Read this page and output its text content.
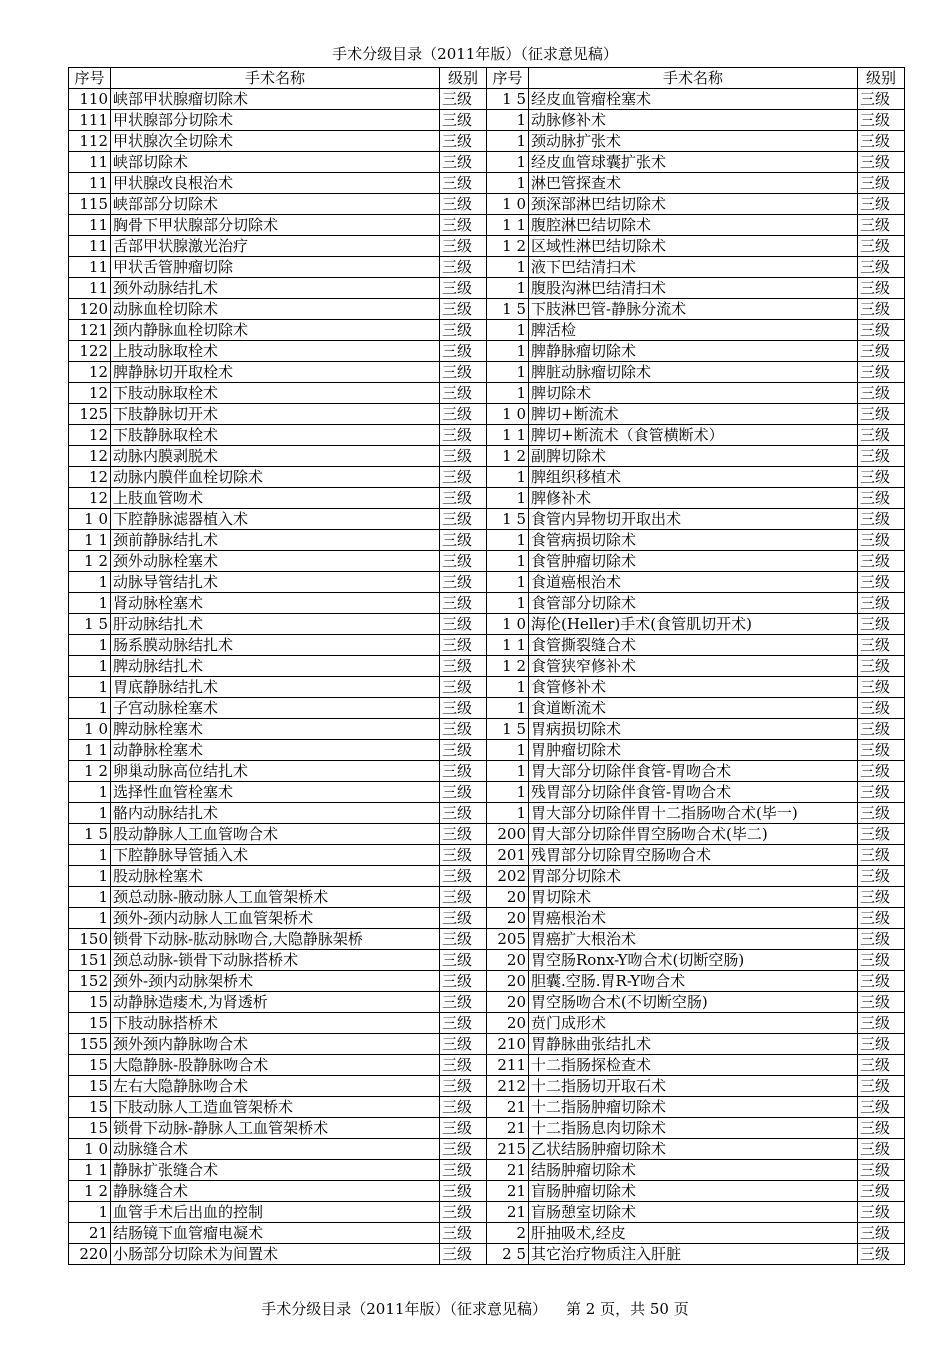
手术分级目录（2011年版）（征求意见稿）
序号	手术名称	级别	序号	手术名称	级别
110	峡部甲状腺瘤切除术	三级	1 5	经皮血管瘤栓塞术	三级
111	甲状腺部分切除术	三级	1	动脉修补术	三级
112	甲状腺次全切除术	三级	1	颈动脉扩张术	三级
11	峡部切除术	三级	1	经皮血管球囊扩张术	三级
11	甲状腺改良根治术	三级	1	淋巴管探查术	三级
115	峡部部分切除术	三级	1 0	颈深部淋巴结切除术	三级
11	胸骨下甲状腺部分切除术	三级	1 1	腹腔淋巴结切除术	三级
11	舌部甲状腺激光治疗	三级	1 2	区域性淋巴结切除术	三级
11	甲状舌管肿瘤切除	三级	1	液下巴结清扫术	三级
11	颈外动脉结扎术	三级	1	腹股沟淋巴结清扫术	三级
120	动脉血栓切除术	三级	1 5	下肢淋巴管-静脉分流术	三级
121	颈内静脉血栓切除术	三级	1	脾活检	三级
122	上肢动脉取栓术	三级	1	脾静脉瘤切除术	三级
12	脾静脉切开取栓术	三级	1	脾脏动脉瘤切除术	三级
12	下肢动脉取栓术	三级	1	脾切除术	三级
125	下肢静脉切开术	三级	1 0	脾切+断流术	三级
12	下肢静脉取栓术	三级	1 1	脾切+断流术（食管横断术）	三级
12	动脉内膜剥脱术	三级	1 2	副脾切除术	三级
12	动脉内膜伴血栓切除术	三级	1	脾组织移植术	三级
12	上肢血管吻术	三级	1	脾修补术	三级
1 0	下腔静脉滤器植入术	三级	1 5	食管内异物切开取出术	三级
1 1	颈前静脉结扎术	三级	1	食管病损切除术	三级
1 2	颈外动脉栓塞术	三级	1	食管肿瘤切除术	三级
1	动脉导管结扎术	三级	1	食道癌根治术	三级
1	肾动脉栓塞术	三级	1	食管部分切除术	三级
1 5	肝动脉结扎术	三级	1 0	海伦(Heller)手术(食管肌切开术)	三级
1	肠系膜动脉结扎术	三级	1 1	食管撕裂缝合术	三级
1	脾动脉结扎术	三级	1 2	食管狭窄修补术	三级
1	胃底静脉结扎术	三级	1	食管修补术	三级
1	子宫动脉栓塞术	三级	1	食道断流术	三级
1 0	脾动脉栓塞术	三级	1 5	胃病损切除术	三级
1 1	动静脉栓塞术	三级	1	胃肿瘤切除术	三级
1 2	卵巢动脉高位结扎术	三级	1	胃大部分切除伴食管-胃吻合术	三级
1	选择性血管栓塞术	三级	1	残胃部分切除伴食管-胃吻合术	三级
1	骼内动脉结扎术	三级	1	胃大部分切除伴胃十二指肠吻合术(毕一)	三级
1 5	股动静脉人工血管吻合术	三级	200	胃大部分切除伴胃空肠吻合术(毕二)	三级
1	下腔静脉导管插入术	三级	201	残胃部分切除胃空肠吻合术	三级
1	股动脉栓塞术	三级	202	胃部分切除术	三级
1	颈总动脉-腋动脉人工血管架桥术	三级	20	胃切除术	三级
1	颈外-颈内动脉人工血管架桥术	三级	20	胃癌根治术	三级
150	锁骨下动脉-肱动脉吻合,大隐静脉架桥	三级	205	胃癌扩大根治术	三级
151	颈总动脉-锁骨下动脉搭桥术	三级	20	胃空肠Ronx-Y吻合术(切断空肠)	三级
152	颈外-颈内动脉架桥术	三级	20	胆囊.空肠.胃R-Y吻合术	三级
15	动静脉造瘘术,为肾透析	三级	20	胃空肠吻合术(不切断空肠)	三级
15	下肢动脉搭桥术	三级	20	贲门成形术	三级
155	颈外颈内静脉吻合术	三级	210	胃静脉曲张结扎术	三级
15	大隐静脉-股静脉吻合术	三级	211	十二指肠探检查术	三级
15	左右大隐静脉吻合术	三级	212	十二指肠切开取石术	三级
15	下肢动脉人工造血管架桥术	三级	21	十二指肠肿瘤切除术	三级
15	锁骨下动脉-静脉人工血管架桥术	三级	21	十二指肠息肉切除术	三级
1 0	动脉缝合术	三级	215	乙状结肠肿瘤切除术	三级
1 1	静脉扩张缝合术	三级	21	结肠肿瘤切除术	三级
1 2	静脉缝合术	三级	21	盲肠肿瘤切除术	三级
1	血管手术后出血的控制	三级	21	盲肠憩室切除术	三级
21	结肠镜下血管瘤电凝术	三级	2	肝抽吸术,经皮	三级
220	小肠部分切除术为间置术	三级	2 5	其它治疗物质注入肝脏	三级
手术分级目录（2011年版）（征求意见稿）    第 2 页，共 50 页
